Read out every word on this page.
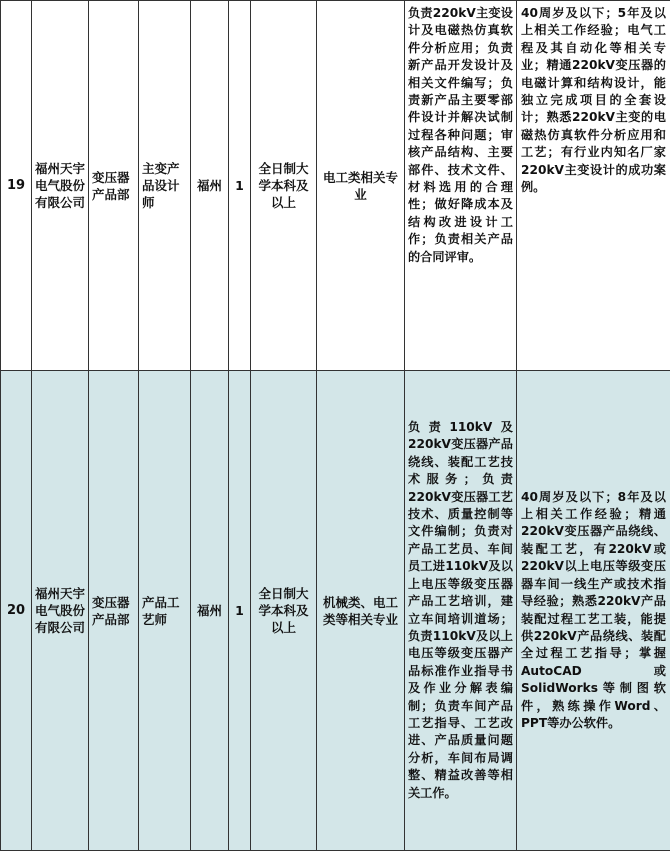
19	福州天宇电气股份有限公司	变压器产品部	主变产品设计师	福州	1	全日制大学本科及以上	电工类相关专业	负责220kV主变设计及电磁热仿真软件分析应用；负责新产品开发设计及相关文件编写；负责新产品主要零部件设计并解决试制过程各种问题；审核产品结构、主要部件、技术文件、材料选用的合理性；做好降成本及结构改进设计工作；负责相关产品的合同评审。	40周岁及以下；5年及以上相关工作经验；电气工程及其自动化等相关专业；精通220kV变压器的电磁计算和结构设计，能独立完成项目的全套设计；熟悉220kV主变的电磁热仿真软件分析应用和工艺；有行业内知名厂家220kV主变设计的成功案例。
20	福州天宇电气股份有限公司	变压器产品部	产品工艺师	福州	1	全日制大学本科及以上	机械类、电工类等相关专业	负责110kV及220kV变压器产品绕线、装配工艺技术服务；负责220kV变压器工艺技术、质量控制等文件编制；负责对产品工艺员、车间员工进110kV及以上电压等级变压器产品工艺培训，建立车间培训道场；负责110kV及以上电压等级变压器产品标准作业指导书及作业分解表编制；负责车间产品工艺指导、工艺改进、产品质量问题分析，车间布局调整、精益改善等相关工作。	40周岁及以下；8年及以上相关工作经验；精通220kV变压器产品绕线、装配工艺，有220kV或220kV以上电压等级变压器车间一线生产或技术指导经验；熟悉220kV产品装配过程工艺工装，能提供220kV产品绕线、装配全过程工艺指导；掌握AutoCAD或SolidWorks等制图软件，熟练操作Word、PPT等办公软件。
